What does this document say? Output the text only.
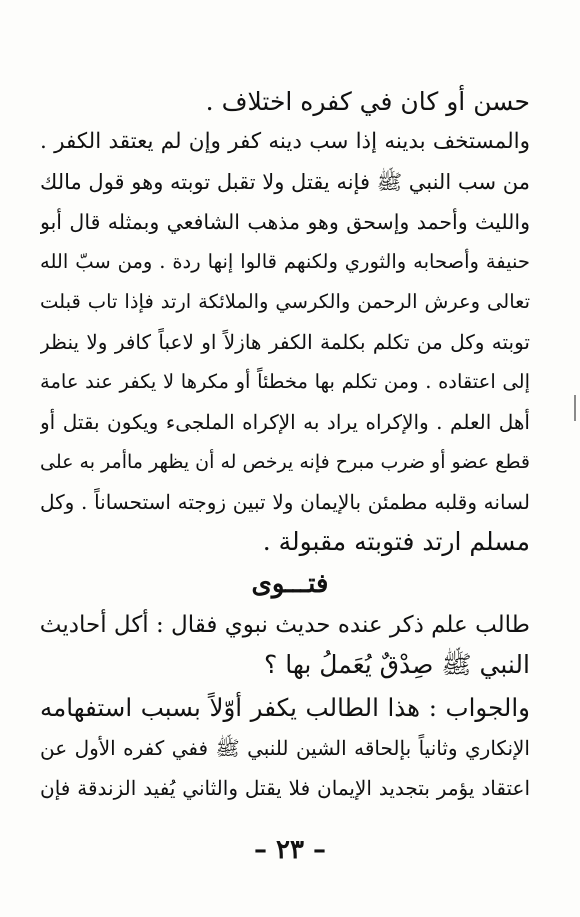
حسن أو كان في كفره اختلاف .
والمستخف بدينه إذا سب دينه كفر وإن لم يعتقد الكفر .
من سب النبي ﷺ فإنه يقتل ولا تقبل توبته وهو قول مالك
والليث وأحمد وإسحق وهو مذهب الشافعي وبمثله قال أبو
حنيفة وأصحابه والثوري ولكنهم قالوا إنها ردة . ومن سبّ الله
تعالى وعرش الرحمن والكرسي والملائكة ارتد فإذا تاب قبلت
توبته وكل من تكلم بكلمة الكفر هازلاً او لاعباً كافر ولا ينظر
إلى اعتقاده . ومن تكلم بها مخطئاً أو مكرها لا يكفر عند عامة
أهل العلم . والإكراه يراد به الإكراه الملجىء ويكون بقتل أو
قطع عضو أو ضرب مبرح فإنه يرخص له أن يظهر ماأمر به على
لسانه وقلبه مطمئن بالإيمان ولا تبين زوجته استحساناً . وكل
مسلم ارتد فتوبته مقبولة .
فتـــوى
طالب علم ذكر عنده حديث نبوي فقال : أكل أحاديث
النبي ﷺ صِدْقٌ يُعَملُ بها ؟
والجواب : هذا الطالب يكفر أوّلاً بسبب استفهامه
الإنكاري وثانياً بإلحاقه الشين للنبي ﷺ ففي كفره الأول عن
اعتقاد يؤمر بتجديد الإيمان فلا يقتل والثاني يُفيد الزندقة فإن
– ٢٣ –
